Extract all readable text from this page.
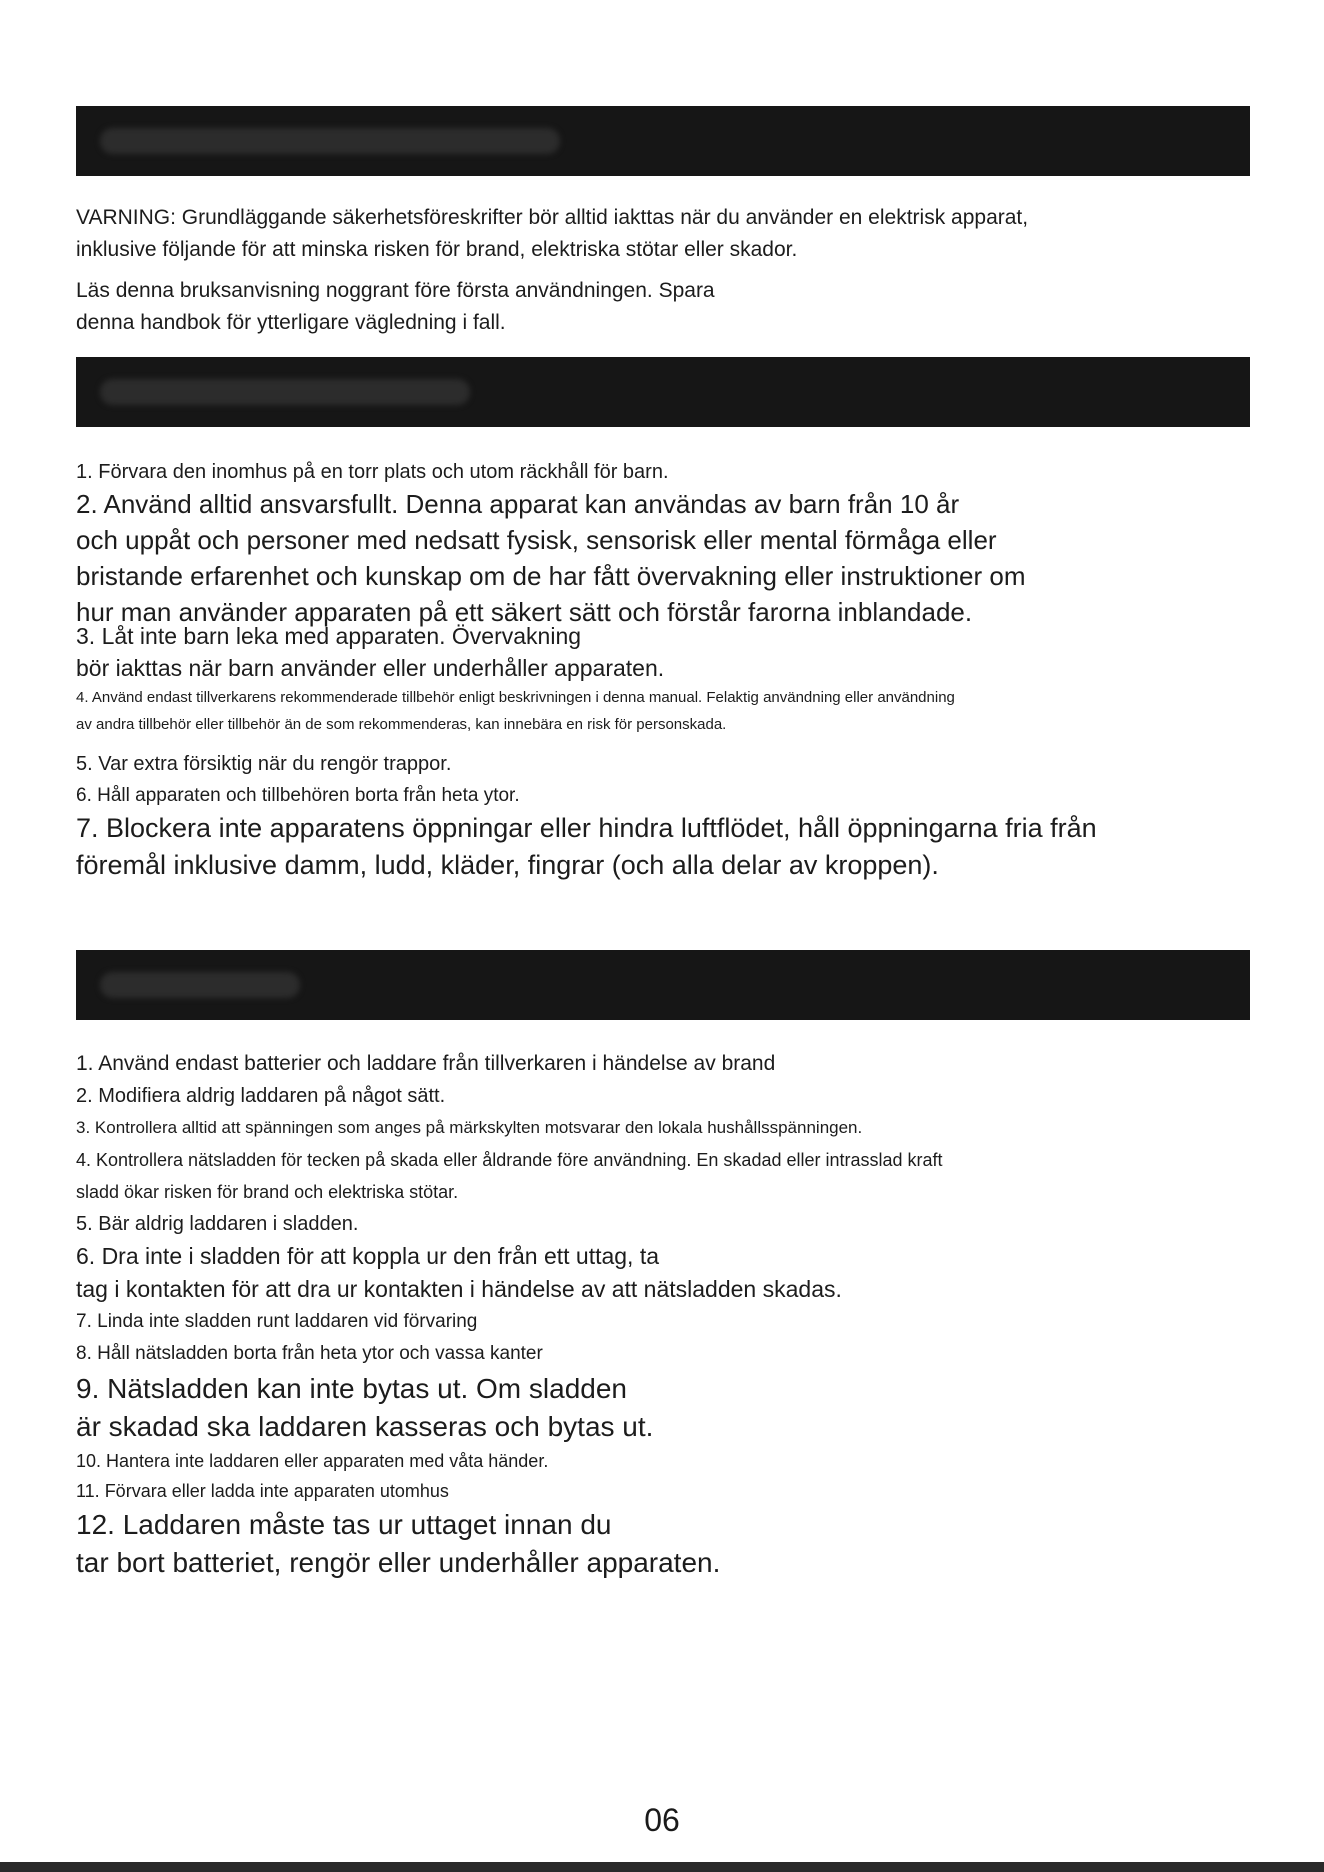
VARNING: Grundläggande säkerhetsföreskrifter bör alltid iakttas när du använder en elektrisk apparat,

inklusive följande för att minska risken för brand, elektriska stötar eller skador.

Läs denna bruksanvisning noggrant före första användningen. Spara

denna handbok för ytterligare vägledning i fall.

1. Förvara den inomhus på en torr plats och utom räckhåll för barn.

2. Använd alltid ansvarsfullt. Denna apparat kan användas av barn från 10 år

och uppåt och personer med nedsatt fysisk, sensorisk eller mental förmåga eller

bristande erfarenhet och kunskap om de har fått övervakning eller instruktioner om

hur man använder apparaten på ett säkert sätt och förstår farorna inblandade.

3. Låt inte barn leka med apparaten. Övervakning

bör iakttas när barn använder eller underhåller apparaten.

4. Använd endast tillverkarens rekommenderade tillbehör enligt beskrivningen i denna manual. Felaktig användning eller användning

av andra tillbehör eller tillbehör än de som rekommenderas, kan innebära en risk för personskada.

5. Var extra försiktig när du rengör trappor.

6. Håll apparaten och tillbehören borta från heta ytor.

7. Blockera inte apparatens öppningar eller hindra luftflödet, håll öppningarna fria från

föremål inklusive damm, ludd, kläder, fingrar (och alla delar av kroppen).

1. Använd endast batterier och laddare från tillverkaren i händelse av brand

2. Modifiera aldrig laddaren på något sätt.

3. Kontrollera alltid att spänningen som anges på märkskylten motsvarar den lokala hushållsspänningen.

4. Kontrollera nätsladden för tecken på skada eller åldrande före användning. En skadad eller intrasslad kraft

sladd ökar risken för brand och elektriska stötar.

5. Bär aldrig laddaren i sladden.

6. Dra inte i sladden för att koppla ur den från ett uttag, ta

tag i kontakten för att dra ur kontakten i händelse av att nätsladden skadas.

7. Linda inte sladden runt laddaren vid förvaring

8. Håll nätsladden borta från heta ytor och vassa kanter

9. Nätsladden kan inte bytas ut. Om sladden

är skadad ska laddaren kasseras och bytas ut.

10. Hantera inte laddaren eller apparaten med våta händer.

11. Förvara eller ladda inte apparaten utomhus

12. Laddaren måste tas ur uttaget innan du

tar bort batteriet, rengör eller underhåller apparaten.

06
